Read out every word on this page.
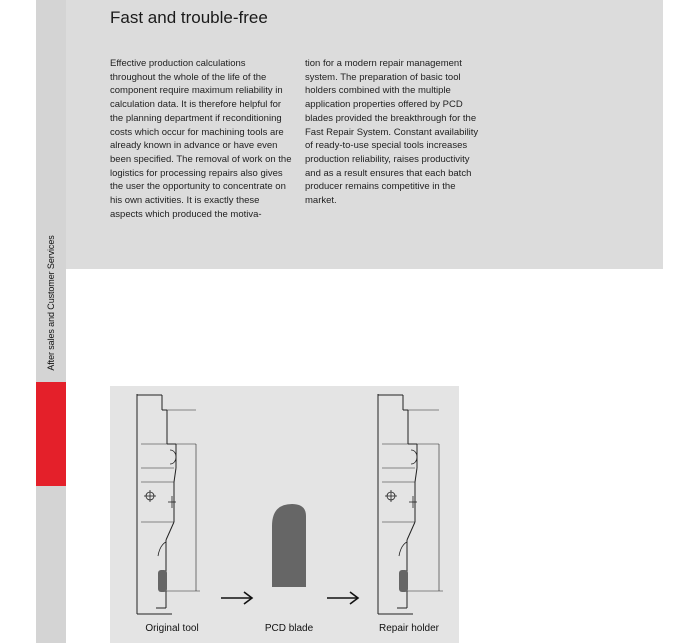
After sales and Customer Services
Fast and trouble-free

Effective production calculations throughout the whole of the life of the component require maximum reliability in calculation data. It is therefore helpful for the planning department if reconditioning costs which occur for machining tools are already known in advance or have even been specified. The removal of work on the logistics for processing repairs also gives the user the opportunity to concentrate on his own activities. It is exactly these aspects which produced the motiva-

tion for a modern repair management system. The preparation of basic tool holders combined with the multiple application properties offered by PCD blades provided the breakthrough for the Fast Repair System. Constant availability of ready-to-use special tools increases production reliability, raises productivity and as a result ensures that each batch producer remains competitive in the market.

Original tool	PCD blade	Repair holder
